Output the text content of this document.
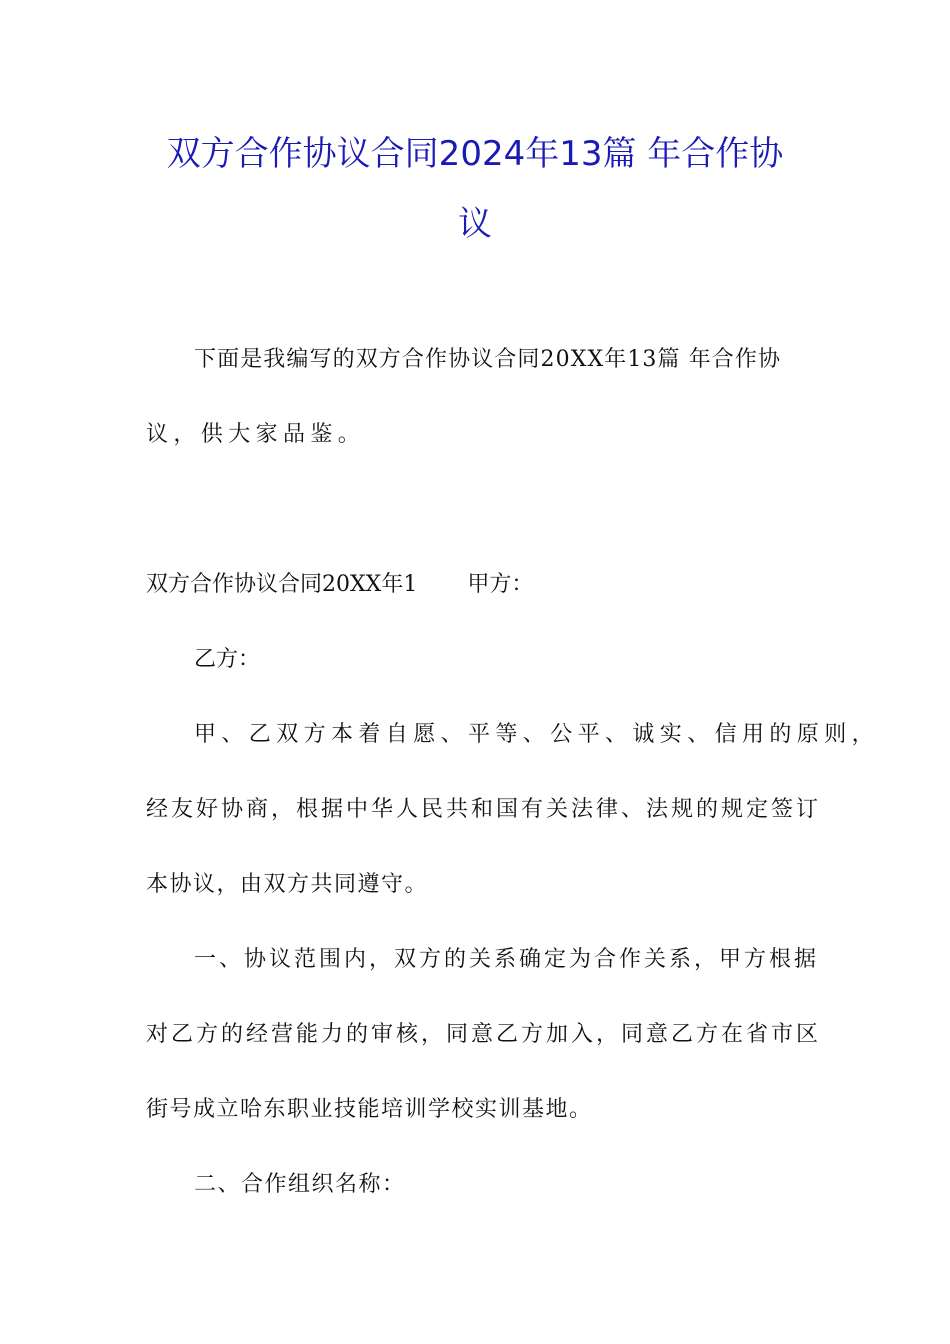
双方合作协议合同2024年13篇 年合作协
议
下面是我编写的双方合作协议合同20XX年13篇 年合作协
议，供大家品鉴。
双方合作协议合同20XX年1 甲方：
乙方：
甲、乙双方本着自愿、平等、公平、诚实、信用的原则，
经友好协商，根据中华人民共和国有关法律、法规的规定签订
本协议，由双方共同遵守。
一、协议范围内，双方的关系确定为合作关系，甲方根据
对乙方的经营能力的审核，同意乙方加入，同意乙方在省市区
街号成立哈东职业技能培训学校实训基地。
二、合作组织名称：
